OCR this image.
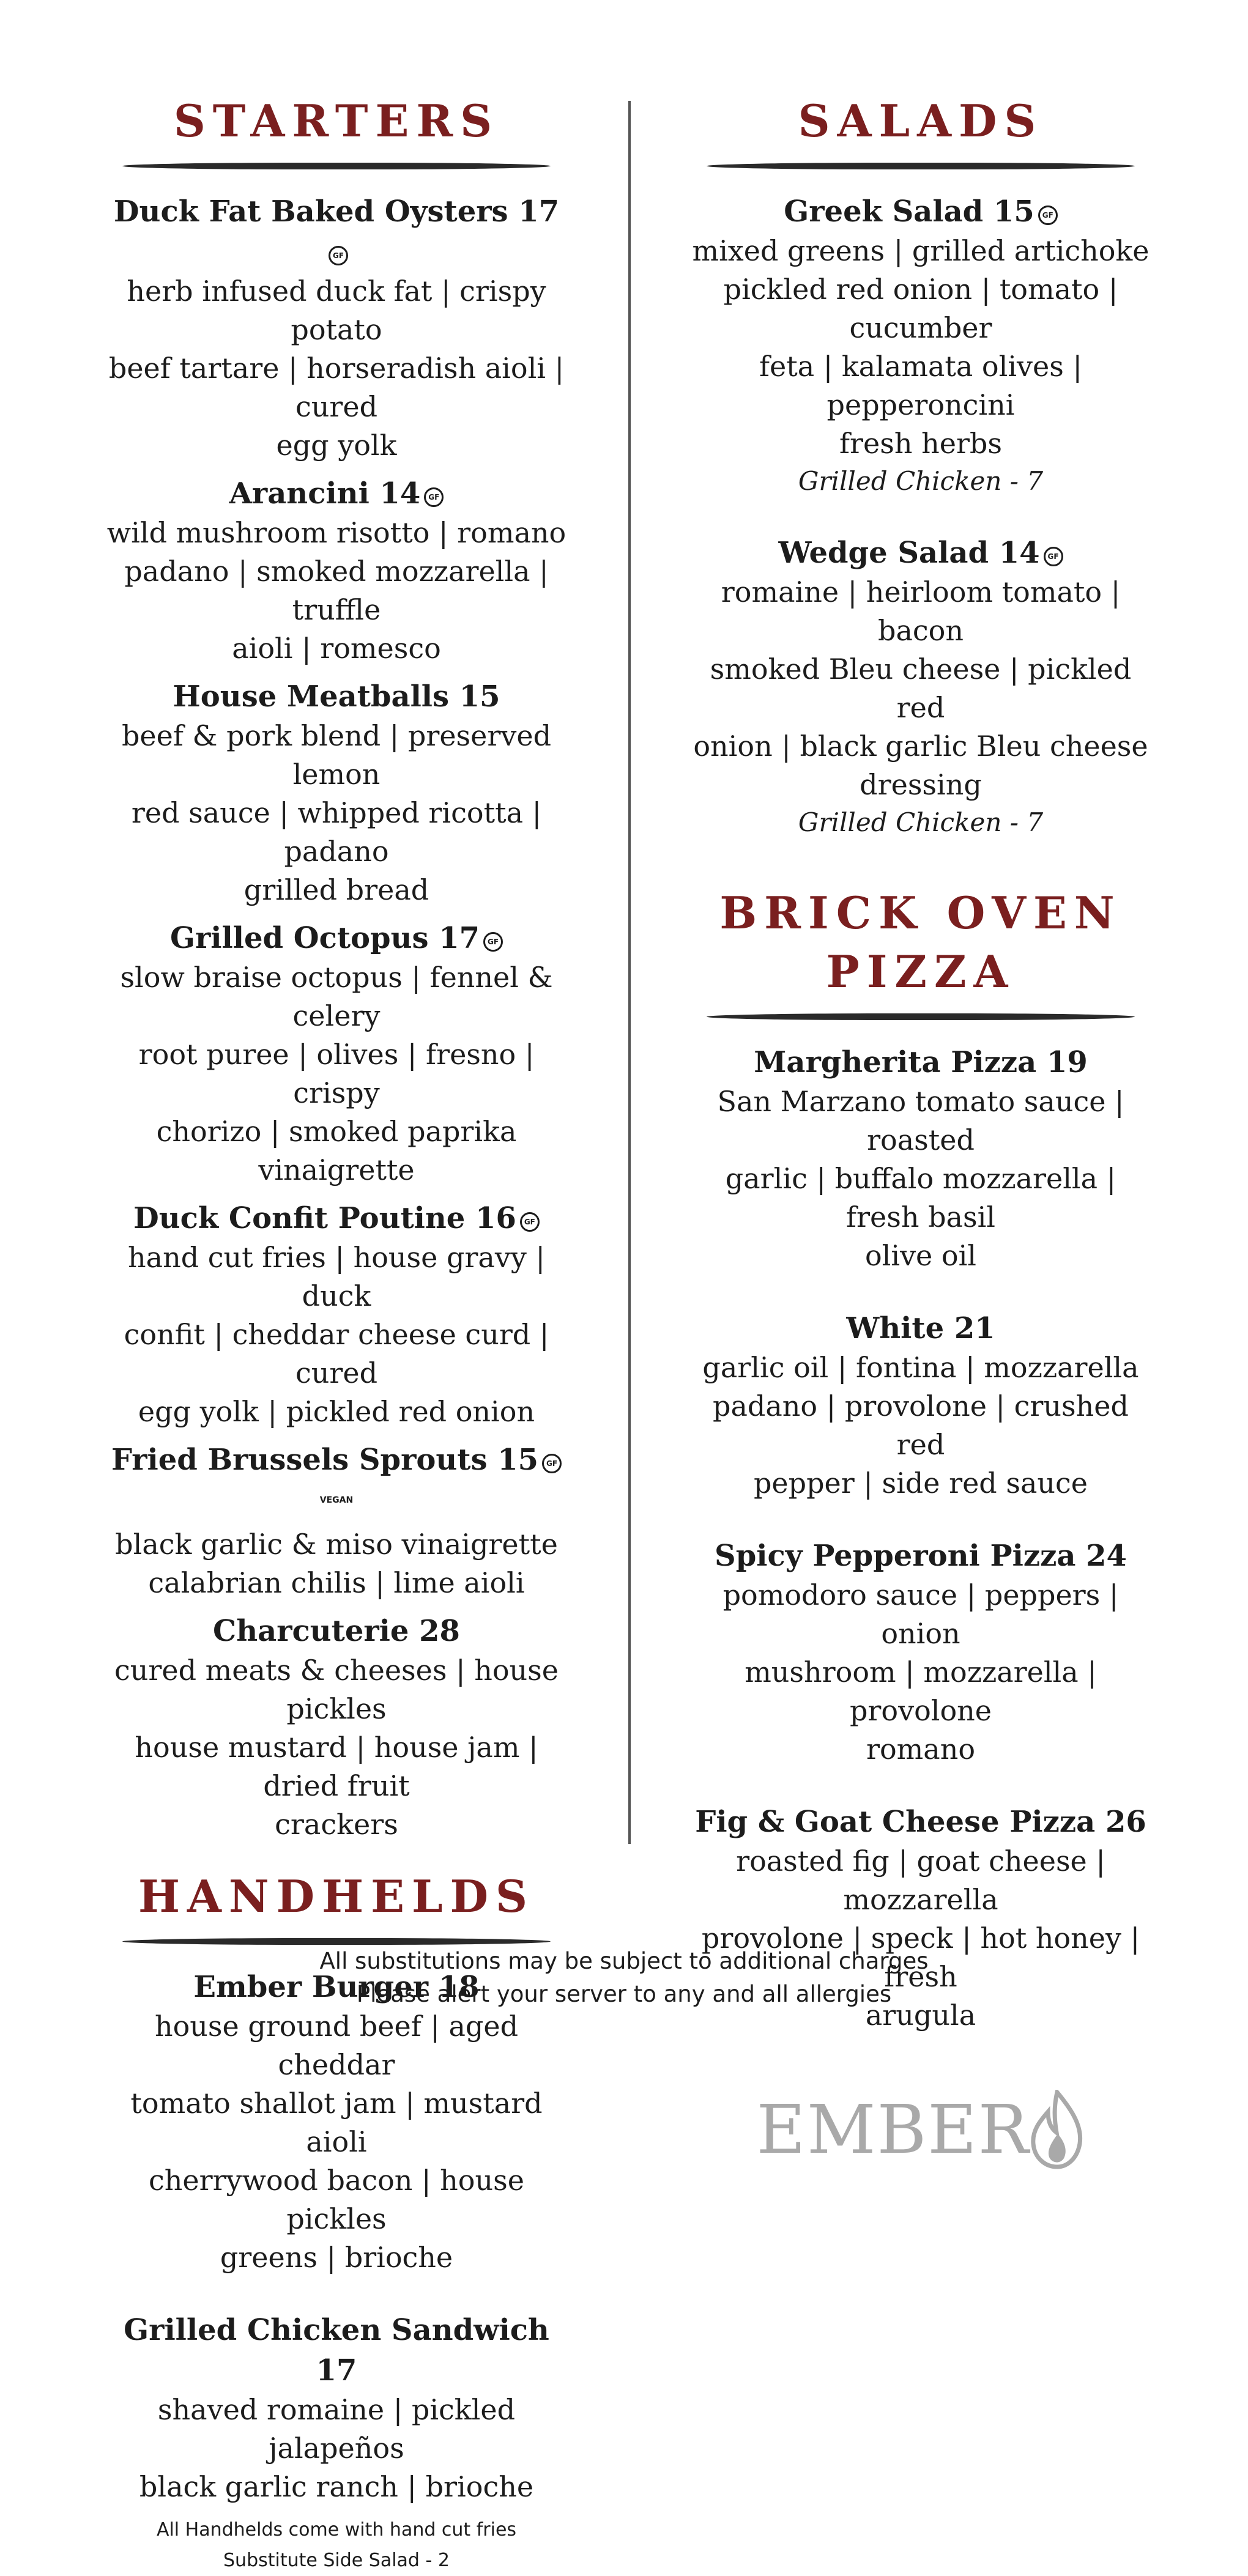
STARTERS
Duck Fat Baked Oysters 17GF
herb infused duck fat | crispy potato
beef tartare | horseradish aioli | cured
egg yolk
Arancini 14 GF
wild mushroom risotto | romano
padano | smoked mozzarella | truffle
aioli | romesco
House Meatballs 15
beef & pork blend | preserved lemon
red sauce | whipped ricotta | padano
grilled bread
Grilled Octopus 17 GF
slow braise octopus | fennel & celery
root puree | olives | fresno | crispy
chorizo | smoked paprika vinaigrette
Duck Confit Poutine 16 GF
hand cut fries | house gravy | duck
confit | cheddar cheese curd | cured
egg yolk | pickled red onion
Fried Brussels Sprouts 15 $GF^{VEGAN}$
black garlic & miso vinaigrette
calabrian chilis | lime aioli
Charcuterie 28
cured meats & cheeses | house pickles
house mustard | house jam | dried fruit
crackers
HANDHELDS
Ember Burger 18
house ground beef | aged cheddar
tomato shallot jam | mustard aioli
cherrywood bacon | house pickles
greens | brioche
Grilled Chicken Sandwich 17
shaved romaine | pickled jalapeños
black garlic ranch | brioche
All Handhelds come with hand cut fries
Substitute Side Salad - 2
SALADS
Greek Salad 15 GF
mixed greens | grilled artichoke
pickled red onion | tomato | cucumber
feta | kalamata olives | pepperoncini
fresh herbs
Grilled Chicken - 7
Wedge Salad 14 GF
romaine | heirloom tomato | bacon
smoked Bleu cheese | pickled red
onion | black garlic Bleu cheese
dressing
Grilled Chicken - 7
BRICK OVEN
PIZZA
Margherita Pizza 19
San Marzano tomato sauce | roasted
garlic | buffalo mozzarella | fresh basil
olive oil
White 21
garlic oil | fontina | mozzarella
padano | provolone | crushed red
pepper | side red sauce
Spicy Pepperoni Pizza 24
pomodoro sauce | peppers | onion
mushroom | mozzarella | provolone
romano
Fig & Goat Cheese Pizza 26
roasted fig | goat cheese | mozzarella
provolone | speck | hot honey | fresh
arugula
EMBER
All substitutions may be subject to additional charges
Please alert your server to any and all allergies
